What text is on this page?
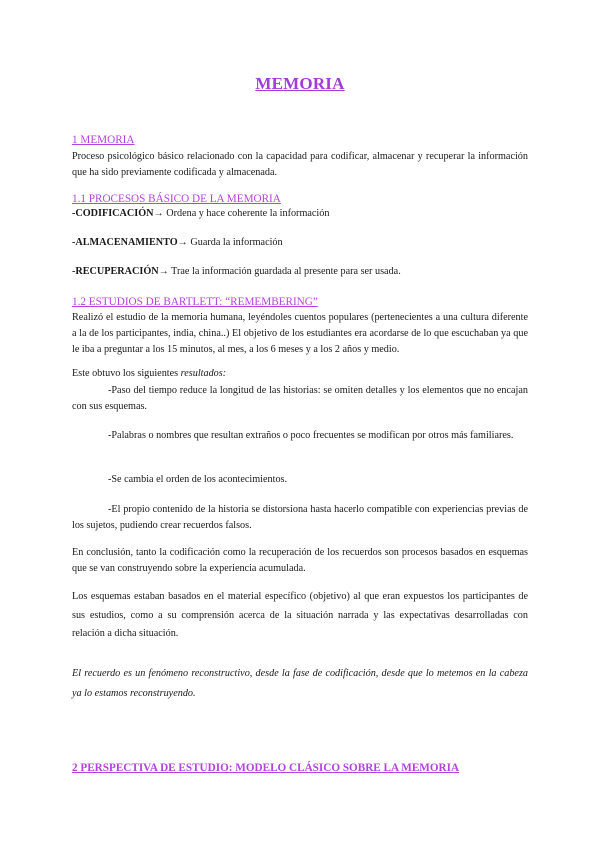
MEMORIA
1 MEMORIA
Proceso psicológico básico relacionado con la capacidad para codificar, almacenar y recuperar la información que ha sido previamente codificada y almacenada.
1.1 PROCESOS BÁSICO DE LA MEMORIA
-CODIFICACIÓN→ Ordena y hace coherente la información
-ALMACENAMIENTO→ Guarda la información
-RECUPERACIÓN→ Trae la información guardada al presente para ser usada.
1.2 ESTUDIOS DE BARTLETT: “REMEMBERING”
Realizó el estudio de la memoria humana, leyéndoles cuentos populares (pertenecientes a una cultura diferente a la de los participantes, india, china..) El objetivo de los estudiantes era acordarse de lo que escuchaban ya que le iba a preguntar a los 15 minutos, al mes, a los 6 meses y a los 2 años y medio.
Este obtuvo los siguientes resultados:
-Paso del tiempo reduce la longitud de las historias: se omiten detalles y los elementos que no encajan con sus esquemas.
-Palabras o nombres que resultan extraños o poco frecuentes se modifican por otros más familiares.
-Se cambia el orden de los acontecimientos.
-El propio contenido de la historia se distorsiona hasta hacerlo compatible con experiencias previas de los sujetos, pudiendo crear recuerdos falsos.
En conclusión, tanto la codificación como la recuperación de los recuerdos son procesos basados en esquemas que se van construyendo sobre la experiencia acumulada.
Los esquemas estaban basados en el material específico (objetivo) al que eran expuestos los participantes de sus estudios, como a su comprensión acerca de la situación narrada y las expectativas desarrolladas con relación a dicha situación.
El recuerdo es un fenómeno reconstructivo, desde la fase de codificación, desde que lo metemos en la cabeza ya lo estamos reconstruyendo.
2 PERSPECTIVA DE ESTUDIO: MODELO CLÁSICO SOBRE LA MEMORIA
